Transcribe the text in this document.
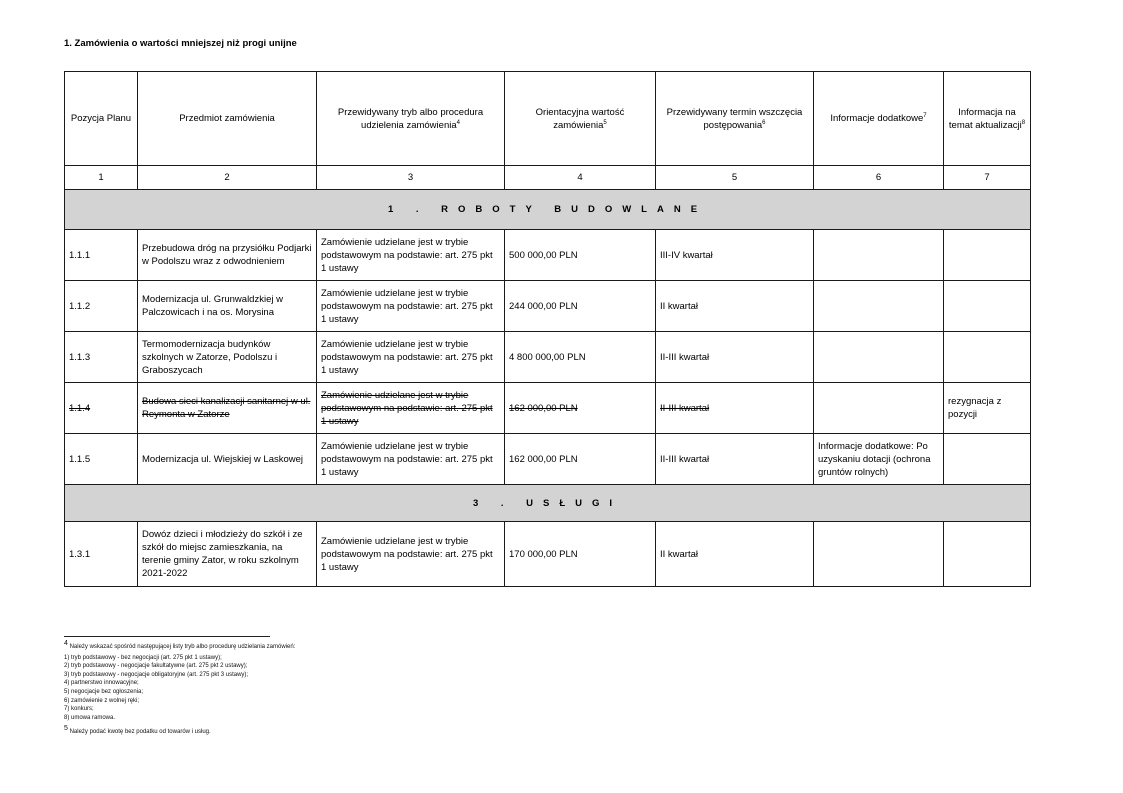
1. Zamówienia o wartości mniejszej niż progi unijne
Pozycja Planu	Przedmiot zamówienia	Przewidywany tryb albo procedura udzielenia zamówienia$^4$	Orientacyjna wartość zamówienia$^5$	Przewidywany termin wszczęcia postępowania$^6$	Informacje dodatkowe$^7$	Informacja na temat aktualizacji$^8$
1	2	3	4	5	6	7
1 . ROBOTY BUDOWLANE						
1.1.1	Przebudowa dróg na przysiółku Podjarki w Podolszu wraz z odwodnieniem	Zamówienie udzielane jest w trybie podstawowym na podstawie: art. 275 pkt 1 ustawy	500 000,00 PLN	III-IV kwartał		
1.1.2	Modernizacja ul. Grunwaldzkiej w Palczowicach i na os. Morysina	Zamówienie udzielane jest w trybie podstawowym na podstawie: art. 275 pkt 1 ustawy	244 000,00 PLN	II kwartał		
1.1.3	Termomodernizacja budynków szkolnych w Zatorze, Podolszu i Graboszycach	Zamówienie udzielane jest w trybie podstawowym na podstawie: art. 275 pkt 1 ustawy	4 800 000,00 PLN	II-III kwartał		
1.1.4	Budowa sieci kanalizacji sanitarnej w ul. Reymonta w Zatorze	Zamówienie udzielane jest w trybie podstawowym na podstawie: art. 275 pkt 1 ustawy	162 000,00 PLN	II-III kwartał		rezygnacja z pozycji
1.1.5	Modernizacja ul. Wiejskiej w Laskowej	Zamówienie udzielane jest w trybie podstawowym na podstawie: art. 275 pkt 1 ustawy	162 000,00 PLN	II-III kwartał	Informacje dodatkowe: Po uzyskaniu dotacji (ochrona gruntów rolnych)	
3 . USŁUGI						
1.3.1	Dowóz dzieci i młodzieży do szkół i ze szkół do miejsc zamieszkania, na terenie gminy Zator, w roku szkolnym 2021-2022	Zamówienie udzielane jest w trybie podstawowym na podstawie: art. 275 pkt 1 ustawy	170 000,00 PLN	II kwartał		
$^4$ Należy wskazać spośród następującej listy tryb albo procedurę udzielania zamówień:
1) tryb podstawowy - bez negocjacji (art. 275 pkt 1 ustawy);
2) tryb podstawowy - negocjacje fakultatywne (art. 275 pkt 2 ustawy);
3) tryb podstawowy - negocjacje obligatoryjne (art. 275 pkt 3 ustawy);
4) partnerstwo innowacyjne;
5) negocjacje bez ogłoszenia;
6) zamówienie z wolnej ręki;
7) konkurs;
8) umowa ramowa.
$^5$ Należy podać kwotę bez podatku od towarów i usług.
